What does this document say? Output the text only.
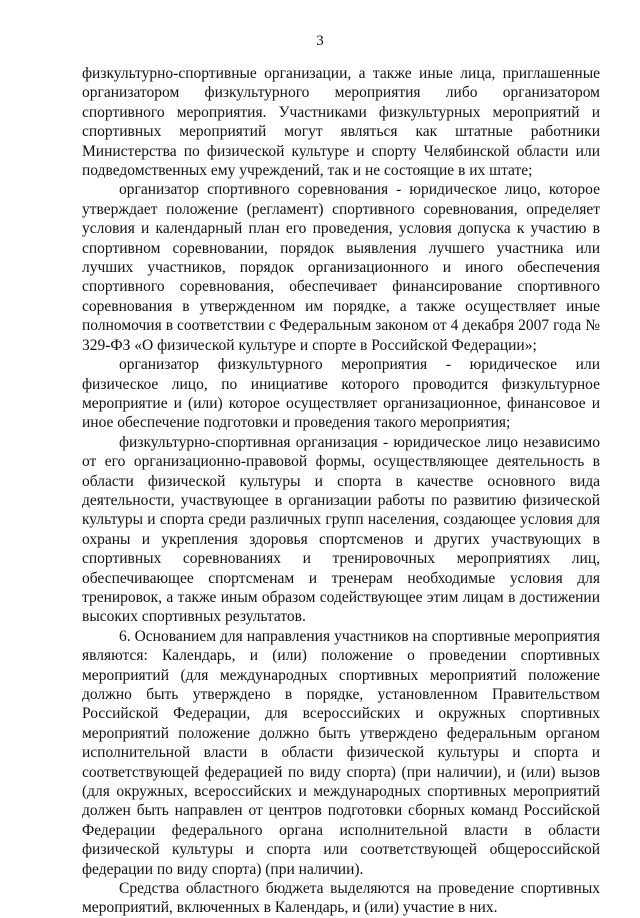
3

физкультурно-спортивные организации, а также иные лица, приглашенные организатором физкультурного мероприятия либо организатором спортивного мероприятия. Участниками физкультурных мероприятий и спортивных мероприятий могут являться как штатные работники Министерства по физической культуре и спорту Челябинской области или подведомственных ему учреждений, так и не состоящие в их штате;

организатор спортивного соревнования - юридическое лицо, которое утверждает положение (регламент) спортивного соревнования, определяет условия и календарный план его проведения, условия допуска к участию в спортивном соревновании, порядок выявления лучшего участника или лучших участников, порядок организационного и иного обеспечения спортивного соревнования, обеспечивает финансирование спортивного соревнования в утвержденном им порядке, а также осуществляет иные полномочия в соответствии с Федеральным законом от 4 декабря 2007 года № 329-ФЗ «О физической культуре и спорте в Российской Федерации»;

организатор физкультурного мероприятия - юридическое или физическое лицо, по инициативе которого проводится физкультурное мероприятие и (или) которое осуществляет организационное, финансовое и иное обеспечение подготовки и проведения такого мероприятия;

физкультурно-спортивная организация - юридическое лицо независимо от его организационно-правовой формы, осуществляющее деятельность в области физической культуры и спорта в качестве основного вида деятельности, участвующее в организации работы по развитию физической культуры и спорта среди различных групп населения, создающее условия для охраны и укрепления здоровья спортсменов и других участвующих в спортивных соревнованиях и тренировочных мероприятиях лиц, обеспечивающее спортсменам и тренерам необходимые условия для тренировок, а также иным образом содействующее этим лицам в достижении высоких спортивных результатов.

6. Основанием для направления участников на спортивные мероприятия являются: Календарь, и (или) положение о проведении спортивных мероприятий (для международных спортивных мероприятий положение должно быть утверждено в порядке, установленном Правительством Российской Федерации, для всероссийских и окружных спортивных мероприятий положение должно быть утверждено федеральным органом исполнительной власти в области физической культуры и спорта и соответствующей федерацией по виду спорта) (при наличии), и (или) вызов (для окружных, всероссийских и международных спортивных мероприятий должен быть направлен от центров подготовки сборных команд Российской Федерации федерального органа исполнительной власти в области физической культуры и спорта или соответствующей общероссийской федерации по виду спорта) (при наличии).

Средства областного бюджета выделяются на проведение спортивных мероприятий, включенных в Календарь, и (или) участие в них.
